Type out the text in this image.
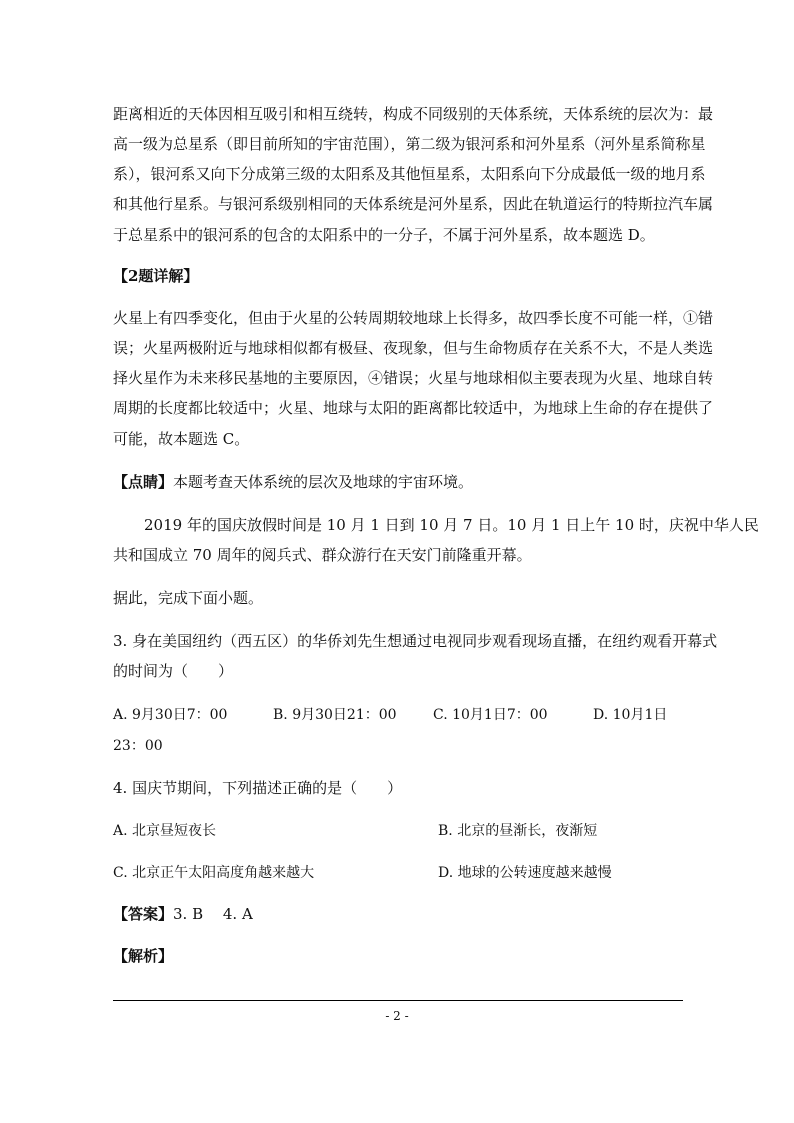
距离相近的天体因相互吸引和相互绕转，构成不同级别的天体系统，天体系统的层次为：最
高一级为总星系（即目前所知的宇宙范围），第二级为银河系和河外星系（河外星系简称星
系），银河系又向下分成第三级的太阳系及其他恒星系，太阳系向下分成最低一级的地月系
和其他行星系。与银河系级别相同的天体系统是河外星系，因此在轨道运行的特斯拉汽车属
于总星系中的银河系的包含的太阳系中的一分子，不属于河外星系，故本题选 D。
【2题详解】
火星上有四季变化，但由于火星的公转周期较地球上长得多，故四季长度不可能一样，①错
误；火星两极附近与地球相似都有极昼、夜现象，但与生命物质存在关系不大，不是人类选
择火星作为未来移民基地的主要原因，④错误；火星与地球相似主要表现为火星、地球自转
周期的长度都比较适中；火星、地球与太阳的距离都比较适中，为地球上生命的存在提供了
可能，故本题选 C。
【点睛】本题考查天体系统的层次及地球的宇宙环境。
2019 年的国庆放假时间是 10 月 1 日到 10 月 7 日。10 月 1 日上午 10 时，庆祝中华人民
共和国成立 70 周年的阅兵式、群众游行在天安门前隆重开幕。
据此，完成下面小题。
3. 身在美国纽约（西五区）的华侨刘先生想通过电视同步观看现场直播，在纽约观看开幕式
的时间为（　　）
A. 9月30日7：00	B. 9月30日21：00	C. 10月1日7：00	D. 10月1日
23：00
4. 国庆节期间，下列描述正确的是（　　）
A. 北京昼短夜长	B. 北京的昼渐长，夜渐短
C. 北京正午太阳高度角越来越大	D. 地球的公转速度越来越慢
【答案】3. B　 4. A
【解析】
- 2 -
